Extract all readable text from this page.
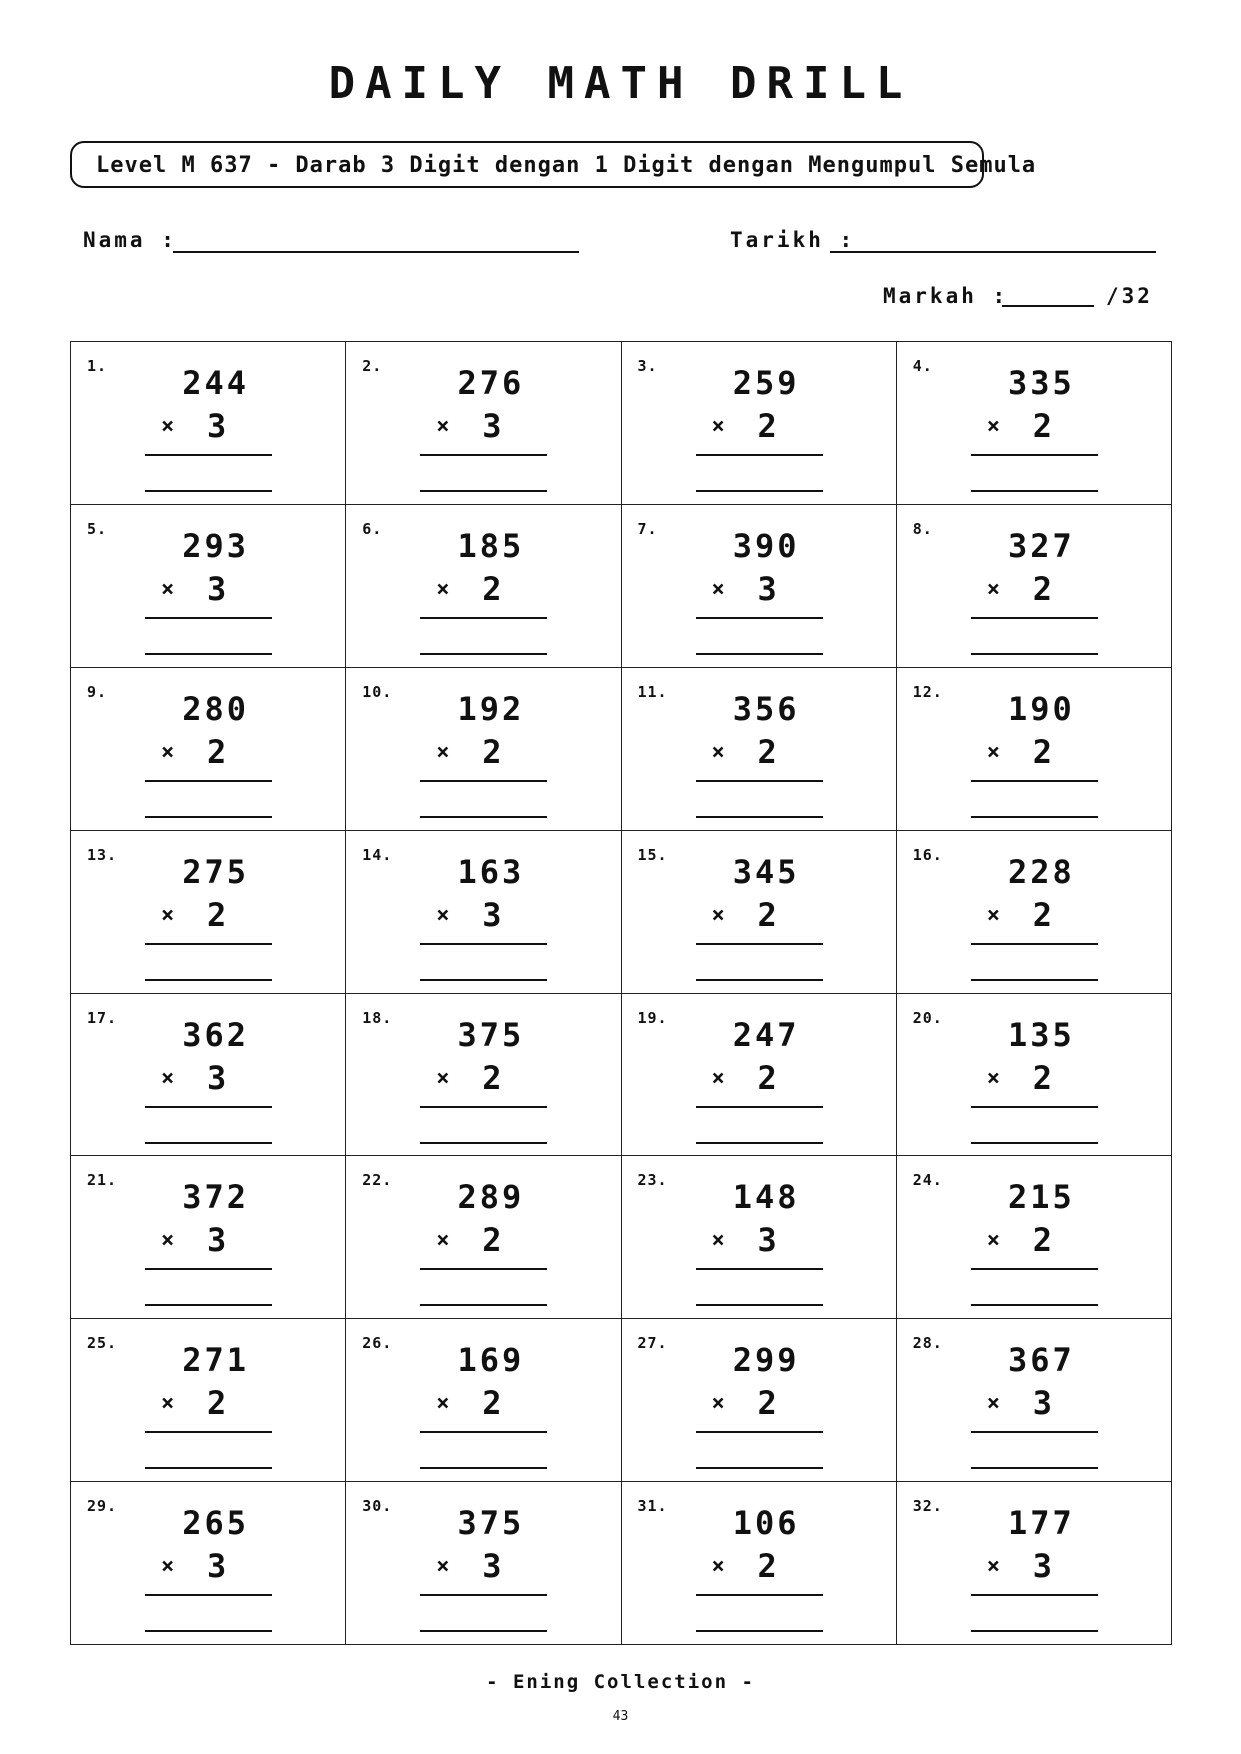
DAILY MATH DRILL
Level M 637 - Darab 3 Digit dengan 1 Digit dengan Mengumpul Semula
Nama :	Tarikh :
Markah :	/32
1.	244
× 3
2.	276
× 3
3.	259
× 2
4.	335
× 2
5.	293
× 3
6.	185
× 2
7.	390
× 3
8.	327
× 2
9.	280
× 2
10.	192
× 2
11.	356
× 2
12.	190
× 2
13.	275
× 2
14.	163
× 3
15.	345
× 2
16.	228
× 2
17.	362
× 3
18.	375
× 2
19.	247
× 2
20.	135
× 2
21.	372
× 3
22.	289
× 2
23.	148
× 3
24.	215
× 2
25.	271
× 2
26.	169
× 2
27.	299
× 2
28.	367
× 3
29.	265
× 3
30.	375
× 3
31.	106
× 2
32.	177
× 3
- Ening Collection -
43
